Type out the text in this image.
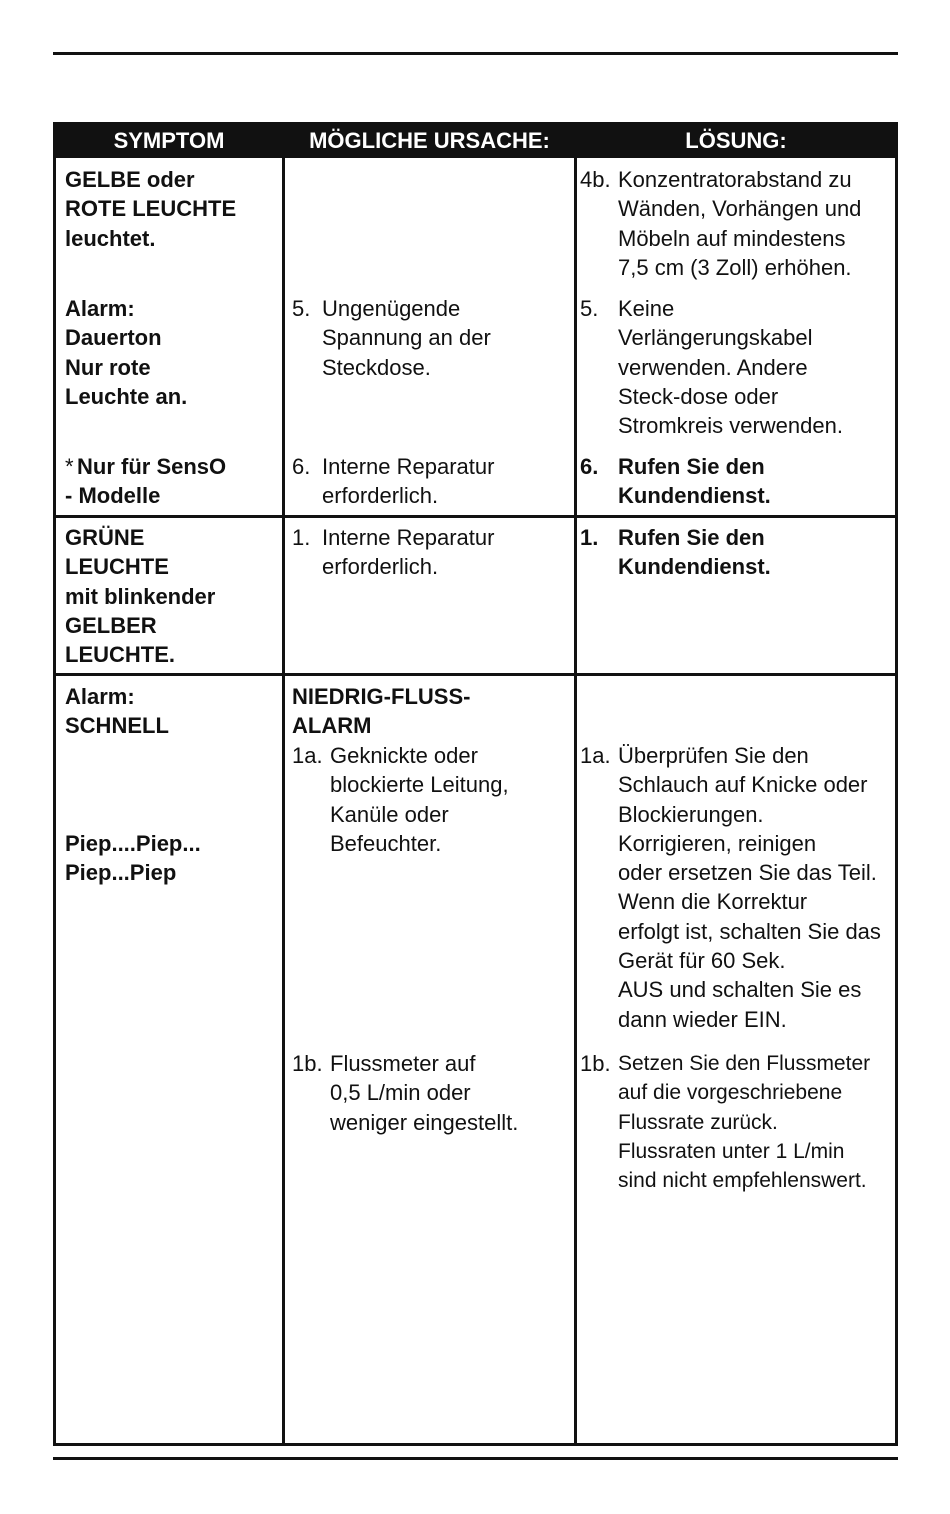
SYMPTOM	MÖGLICHE URSACHE:	LÖSUNG:
GELBE oder
ROTE LEUCHTE
leuchtet.
4b. Konzentratorabstand zu
Wänden, Vorhängen und
Möbeln auf mindestens
7,5 cm (3 Zoll) erhöhen.
Alarm:
Dauerton
Nur rote
Leuchte an.
5. Ungenügende
Spannung an der
Steckdose.
5. Keine
Verlängerungskabel
verwenden. Andere
Steck-dose oder
Stromkreis verwenden.
* Nur für SensO
- Modelle
6. Interne Reparatur
erforderlich.
6. Rufen Sie den
Kundendienst.
GRÜNE
LEUCHTE
mit blinkender
GELBER
LEUCHTE.
1. Interne Reparatur
erforderlich.
1. Rufen Sie den
Kundendienst.
Alarm:
SCHNELL
Piep....Piep...
Piep...Piep
NIEDRIG-FLUSS-
ALARM
1a. Geknickte oder
blockierte Leitung,
Kanüle oder
Befeuchter.
1a. Überprüfen Sie den
Schlauch auf Knicke oder
Blockierungen.
Korrigieren, reinigen
oder ersetzen Sie das Teil.
Wenn die Korrektur
erfolgt ist, schalten Sie das
Gerät für 60 Sek.
AUS und schalten Sie es
dann wieder EIN.
1b. Flussmeter auf
0,5 L/min oder
weniger eingestellt.
1b. Setzen Sie den Flussmeter
auf die vorgeschriebene
Flussrate zurück.
Flussraten unter 1 L/min
sind nicht empfehlenswert.
